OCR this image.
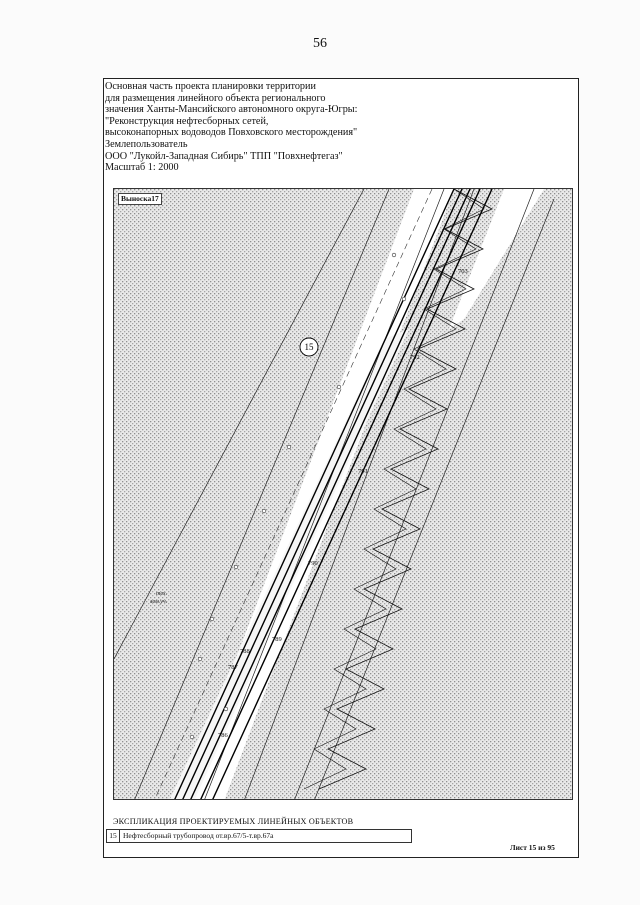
56
Основная часть проекта планировки территории
для размещения линейного объекта регионального
значения Ханты-Мансийского автономного округа-Югры:
"Реконструкция нефтесборных сетей,
высоконапорных водоводов Повховского месторождения"
Землепользователь
ООО "Лукойл-Западная Сибирь" ТПП "Повхнефтегаз"
Масштаб 1: 2000
15
703
792
791
790
789
788
787
786
тех.
зем.уч.
Выноска17
ЭКСПЛИКАЦИЯ ПРОЕКТИРУЕМЫХ ЛИНЕЙНЫХ ОБЪЕКТОВ
15 Нефтесборный трубопровод от.вр.67/5-т.вр.67а
Лист 15 из 95
